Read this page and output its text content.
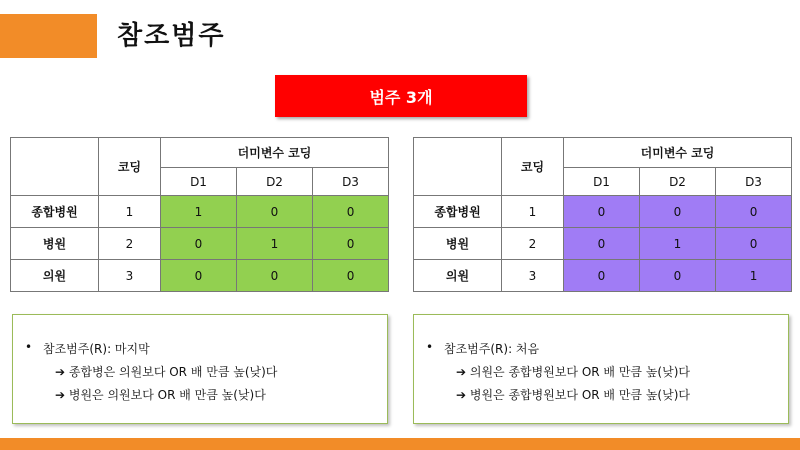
참조범주
범주 3개
	코딩	더미변수 코딩		
		D1	D2	D3
종합병원	1	1	0	0
병원	2	0	1	0
의원	3	0	0	0
	코딩	더미변수 코딩		
		D1	D2	D3
종합병원	1	0	0	0
병원	2	0	1	0
의원	3	0	0	1
• 참조범주(R): 마지막
➔ 종합병은 의원보다 OR 배 만큼 높(낮)다
➔ 병원은 의원보다 OR 배 만큼 높(낮)다
• 참조범주(R): 처음
➔ 의원은 종합병원보다 OR 배 만큼 높(낮)다
➔ 병원은 종합병원보다 OR 배 만큼 높(낮)다
